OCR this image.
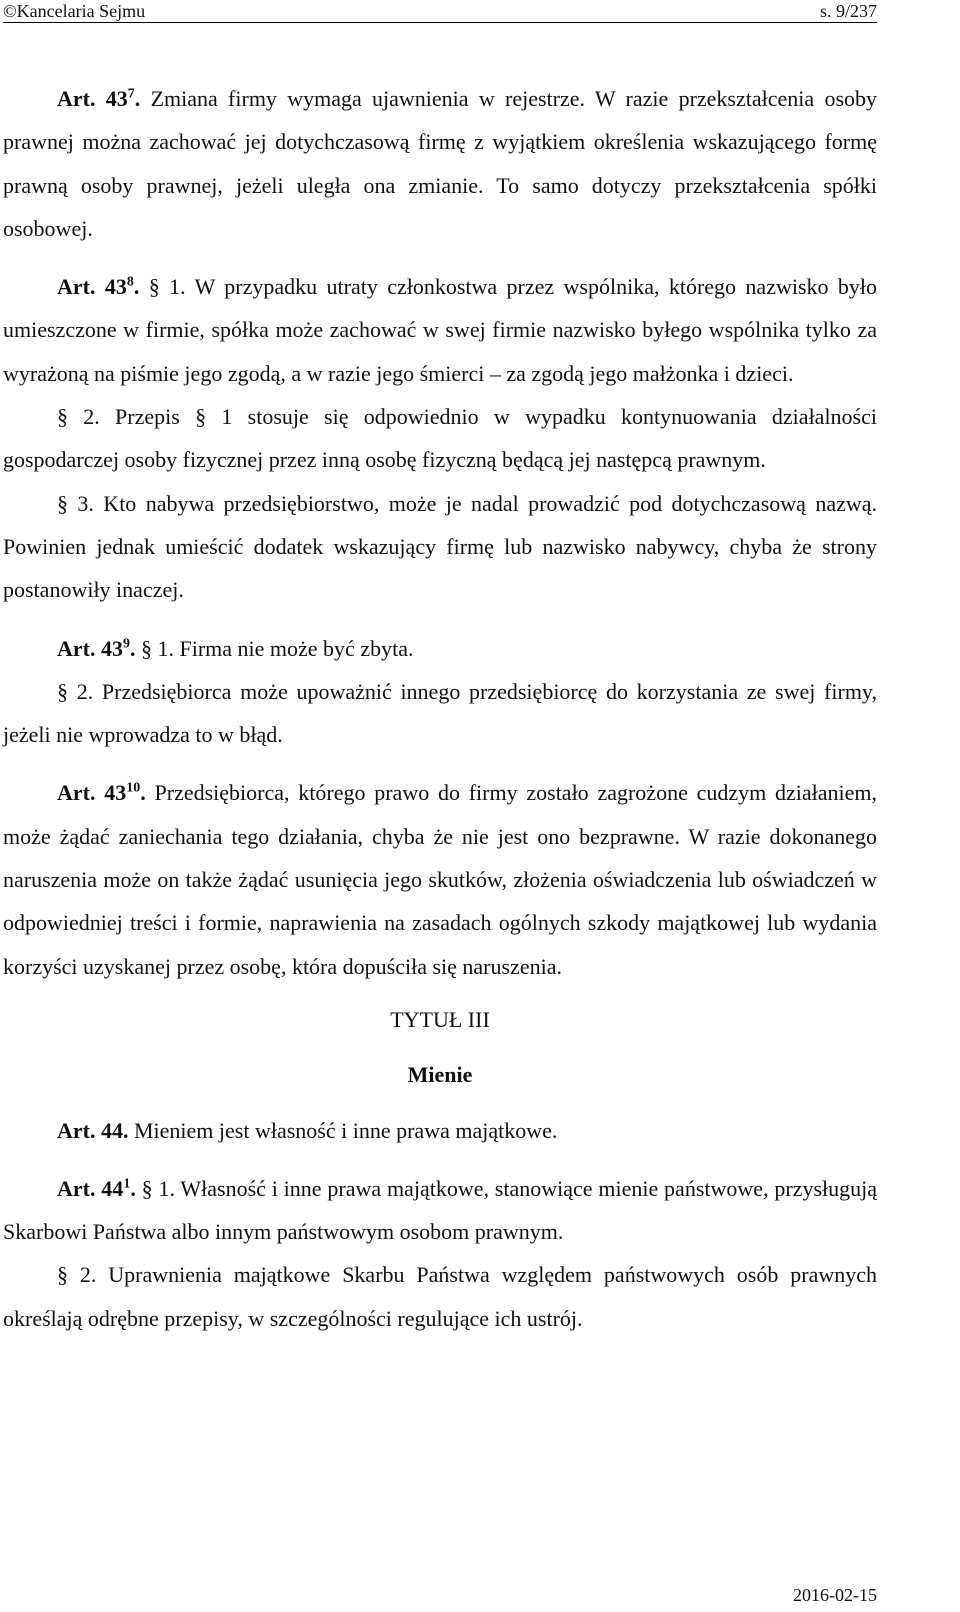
©Kancelaria Sejmu	s. 9/237

Art. $43^7$. Zmiana firmy wymaga ujawnienia w rejestrze. W razie przekształcenia osoby prawnej można zachować jej dotychczasową firmę z wyjątkiem określenia wskazującego formę prawną osoby prawnej, jeżeli uległa ona zmianie. To samo dotyczy przekształcenia spółki osobowej.

Art. $43^8$. § 1. W przypadku utraty członkostwa przez wspólnika, którego nazwisko było umieszczone w firmie, spółka może zachować w swej firmie nazwisko byłego wspólnika tylko za wyrażoną na piśmie jego zgodą, a w razie jego śmierci – za zgodą jego małżonka i dzieci.

§ 2. Przepis § 1 stosuje się odpowiednio w wypadku kontynuowania działalności gospodarczej osoby fizycznej przez inną osobę fizyczną będącą jej następcą prawnym.

§ 3. Kto nabywa przedsiębiorstwo, może je nadal prowadzić pod dotychczasową nazwą. Powinien jednak umieścić dodatek wskazujący firmę lub nazwisko nabywcy, chyba że strony postanowiły inaczej.

Art. $43^9$. § 1. Firma nie może być zbyta.

§ 2. Przedsiębiorca może upoważnić innego przedsiębiorcę do korzystania ze swej firmy, jeżeli nie wprowadza to w błąd.

Art. $43^{10}$. Przedsiębiorca, którego prawo do firmy zostało zagrożone cudzym działaniem, może żądać zaniechania tego działania, chyba że nie jest ono bezprawne. W razie dokonanego naruszenia może on także żądać usunięcia jego skutków, złożenia oświadczenia lub oświadczeń w odpowiedniej treści i formie, naprawienia na zasadach ogólnych szkody majątkowej lub wydania korzyści uzyskanej przez osobę, która dopuściła się naruszenia.

TYTUŁ III

Mienie

Art. 44. Mieniem jest własność i inne prawa majątkowe.

Art. $44^1$. § 1. Własność i inne prawa majątkowe, stanowiące mienie państwowe, przysługują Skarbowi Państwa albo innym państwowym osobom prawnym.

§ 2. Uprawnienia majątkowe Skarbu Państwa względem państwowych osób prawnych określają odrębne przepisy, w szczególności regulujące ich ustrój.

2016-02-15
